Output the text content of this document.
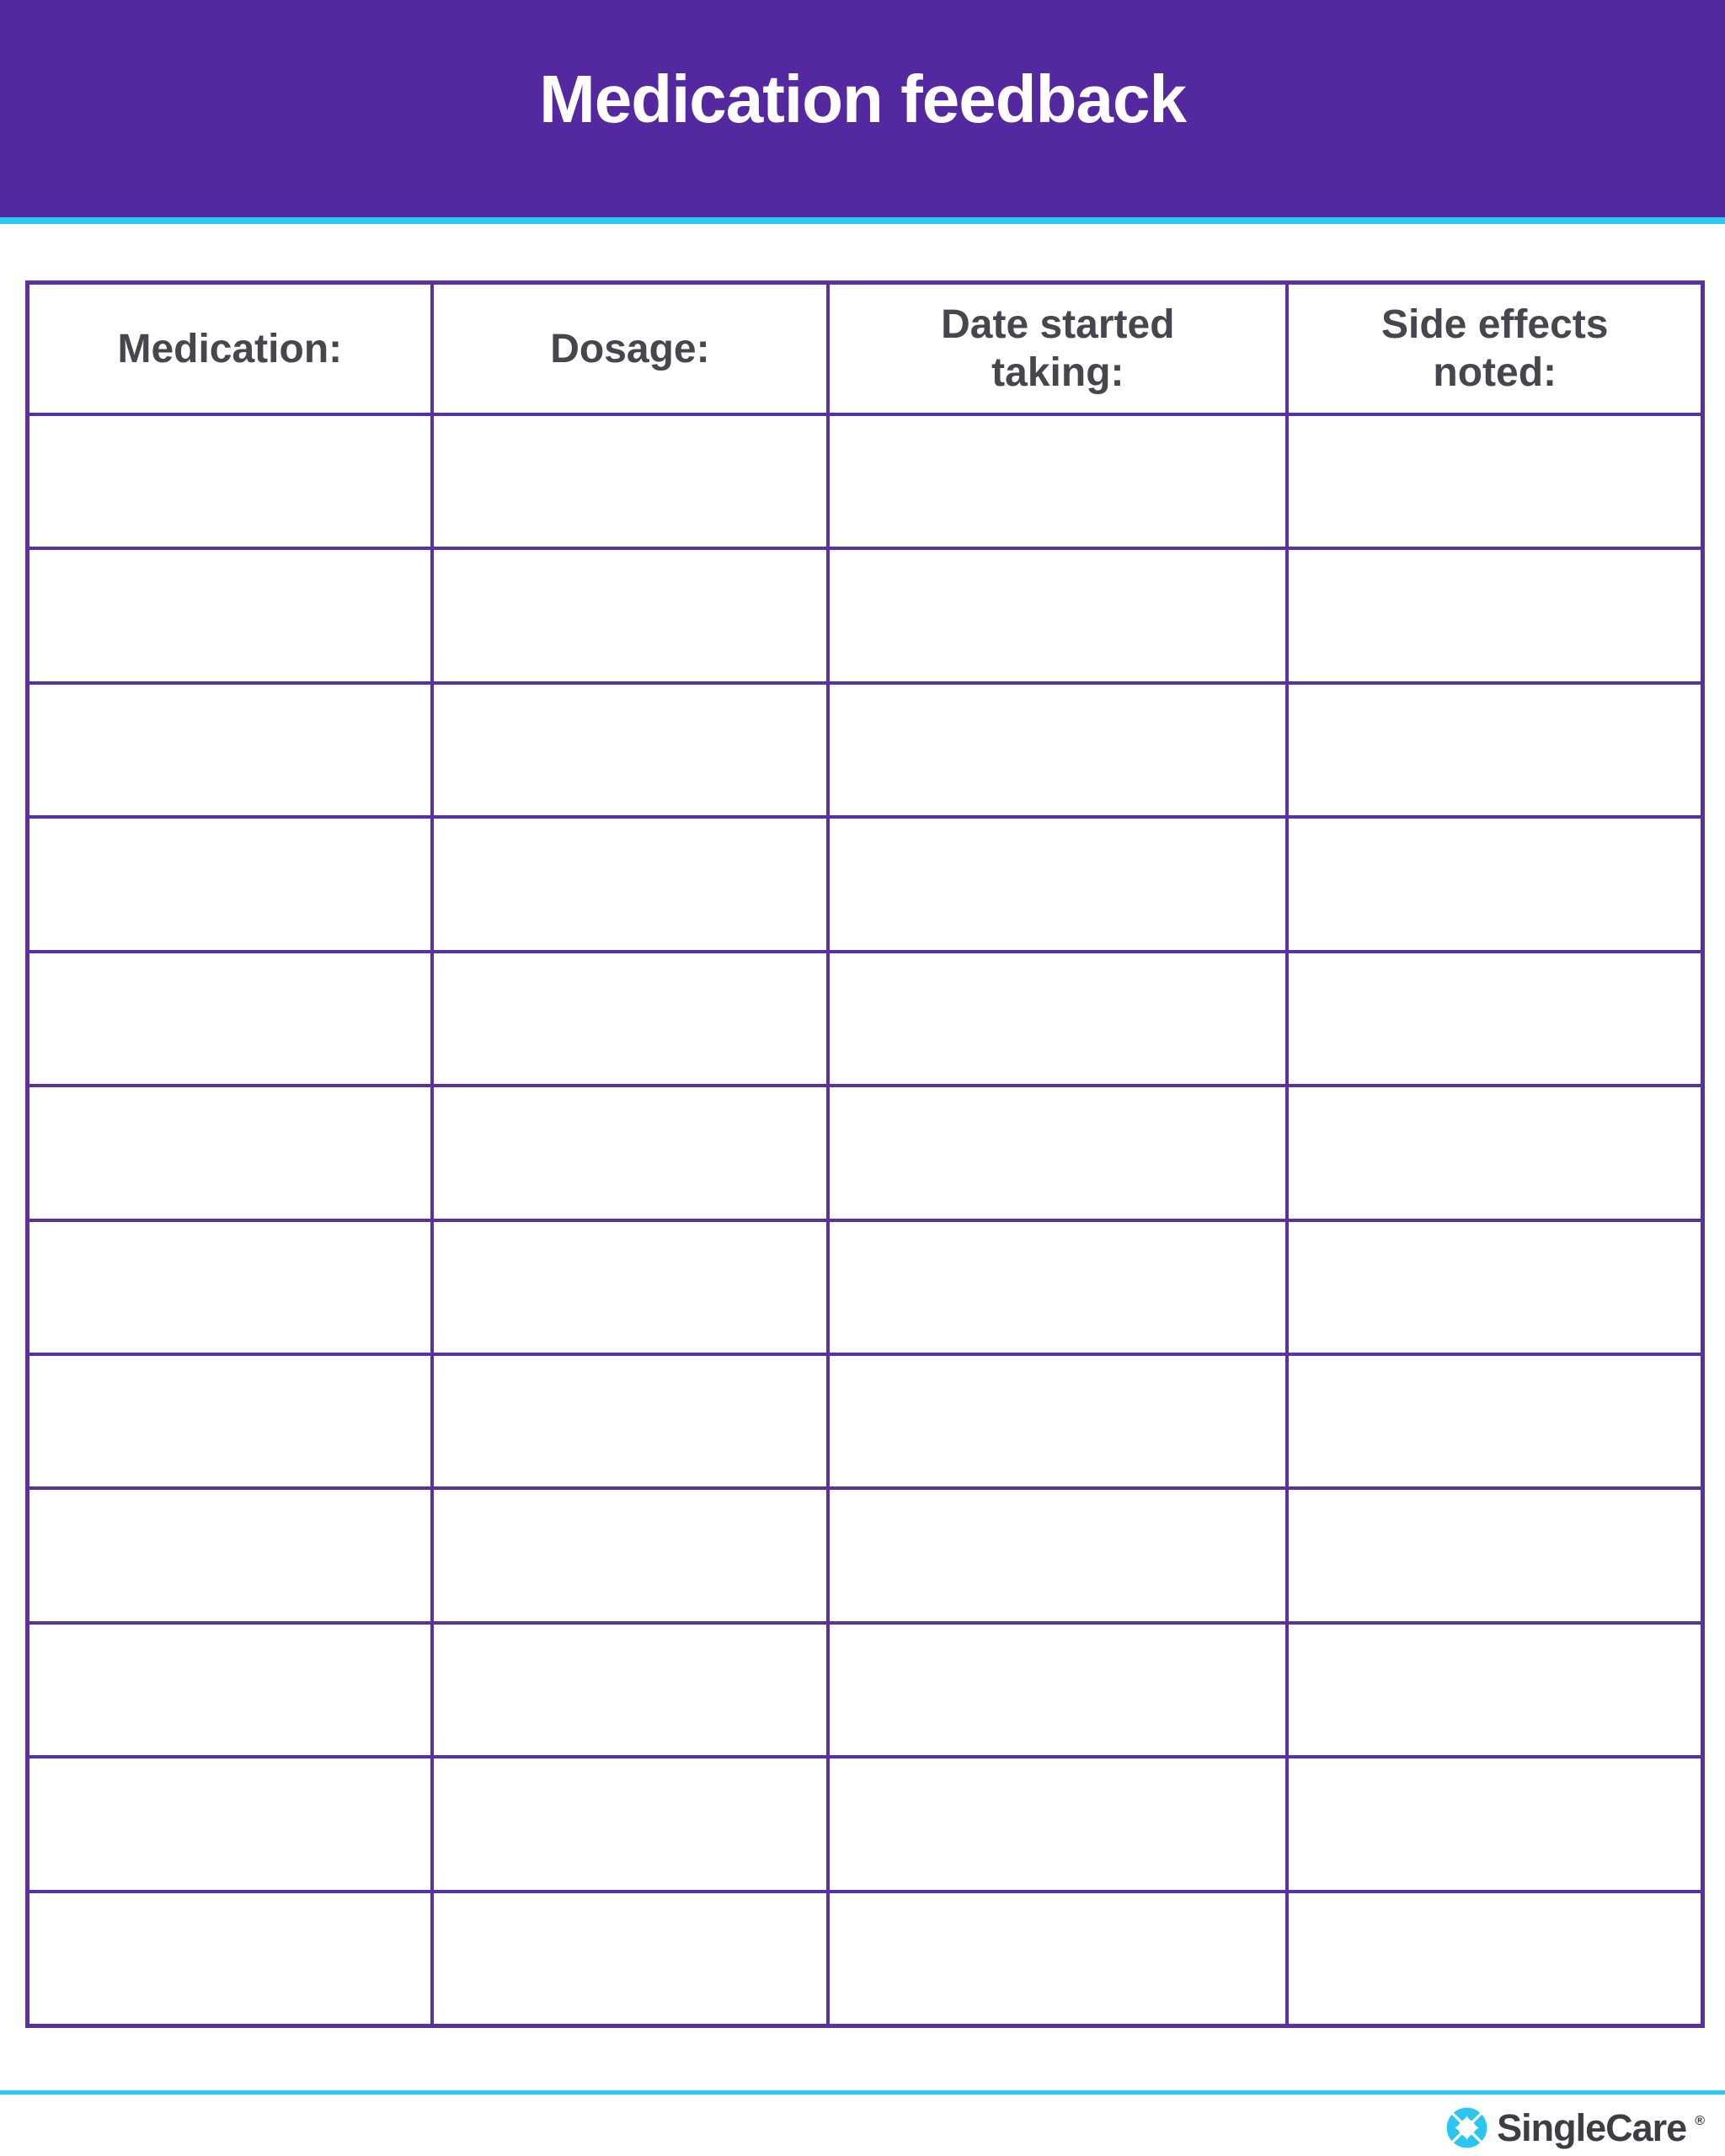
Medication feedback
Medication:	Dosage:
Date started
taking:
Side effects
noted:
SingleCare ®
